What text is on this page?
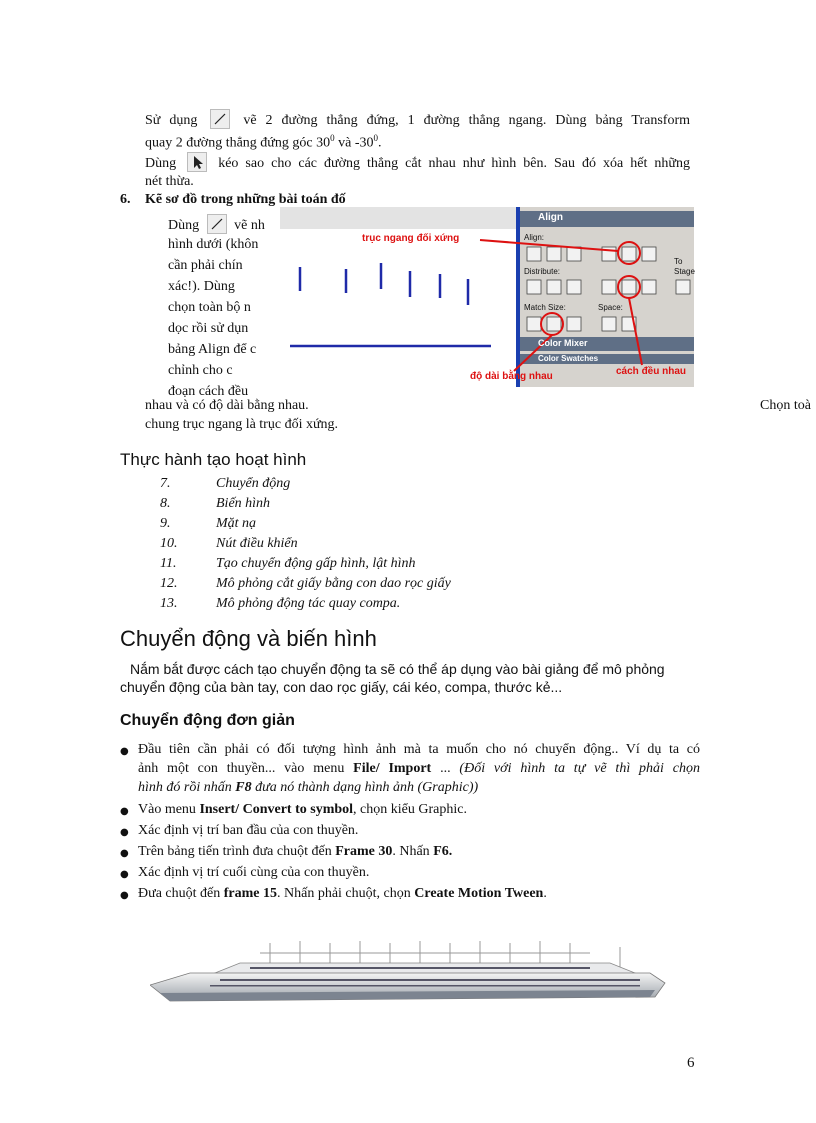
Sử dụng	vẽ 2 đường thẳng đứng, 1 đường thẳng ngang. Dùng bảng Transform
quay 2 đường thẳng đứng góc $30^0$ và $-30^0$.
Dùng	kéo sao cho các đường thẳng cắt nhau như hình bên. Sau đó xóa hết những
nét thừa.
6. Kẽ sơ đồ trong những bài toán đố
Dùng	vẽ nh
hình dưới (khôn
cần phải chín
xác!). Dùng
chọn toàn bộ n
dọc rồi sử dụn
bảng Align để c
chỉnh cho c
đoạn cách đều
Align
Align:
Distribute:
Match Size:	Space:
To Stage
Color Mixer
Color Swatches
trục ngang đối xứng
độ dài bằng nhau	cách đều nhau
nhau và có độ dài bằng nhau.	Chọn toà
chung trục ngang là trục đối xứng.
Thực hành tạo hoạt hình
7.	Chuyển động
8.	Biến hình
9.	Mặt nạ
10.	Nút điều khiển
11.	Tạo chuyển động gấp hình, lật hình
12.	Mô phỏng cắt giấy bằng con dao rọc giấy
13.	Mô phỏng động tác quay compa.
Chuyển động và biến hình
Nắm bắt được cách tạo chuyển động ta sẽ có thể áp dụng vào bài giảng để mô phỏng
chuyển động của bàn tay, con dao rọc giấy, cái kéo, compa, thước kẻ...
Chuyển động đơn giản
● Đầu tiên cần phải có đối tượng hình ảnh mà ta muốn cho nó chuyển động.. Ví dụ ta có
ảnh một con thuyền... vào menu File/ Import ... (Đối với hình ta tự vẽ thì phải chọn
hình đó rồi nhấn F8 đưa nó thành dạng hình ảnh (Graphic))
● Vào menu Insert/ Convert to symbol, chọn kiểu Graphic.
● Xác định vị trí ban đầu của con thuyền.
● Trên bảng tiến trình đưa chuột đến Frame 30. Nhấn F6.
● Xác định vị trí cuối cùng của con thuyền.
● Đưa chuột đến frame 15. Nhấn phải chuột, chọn Create Motion Tween.
6
